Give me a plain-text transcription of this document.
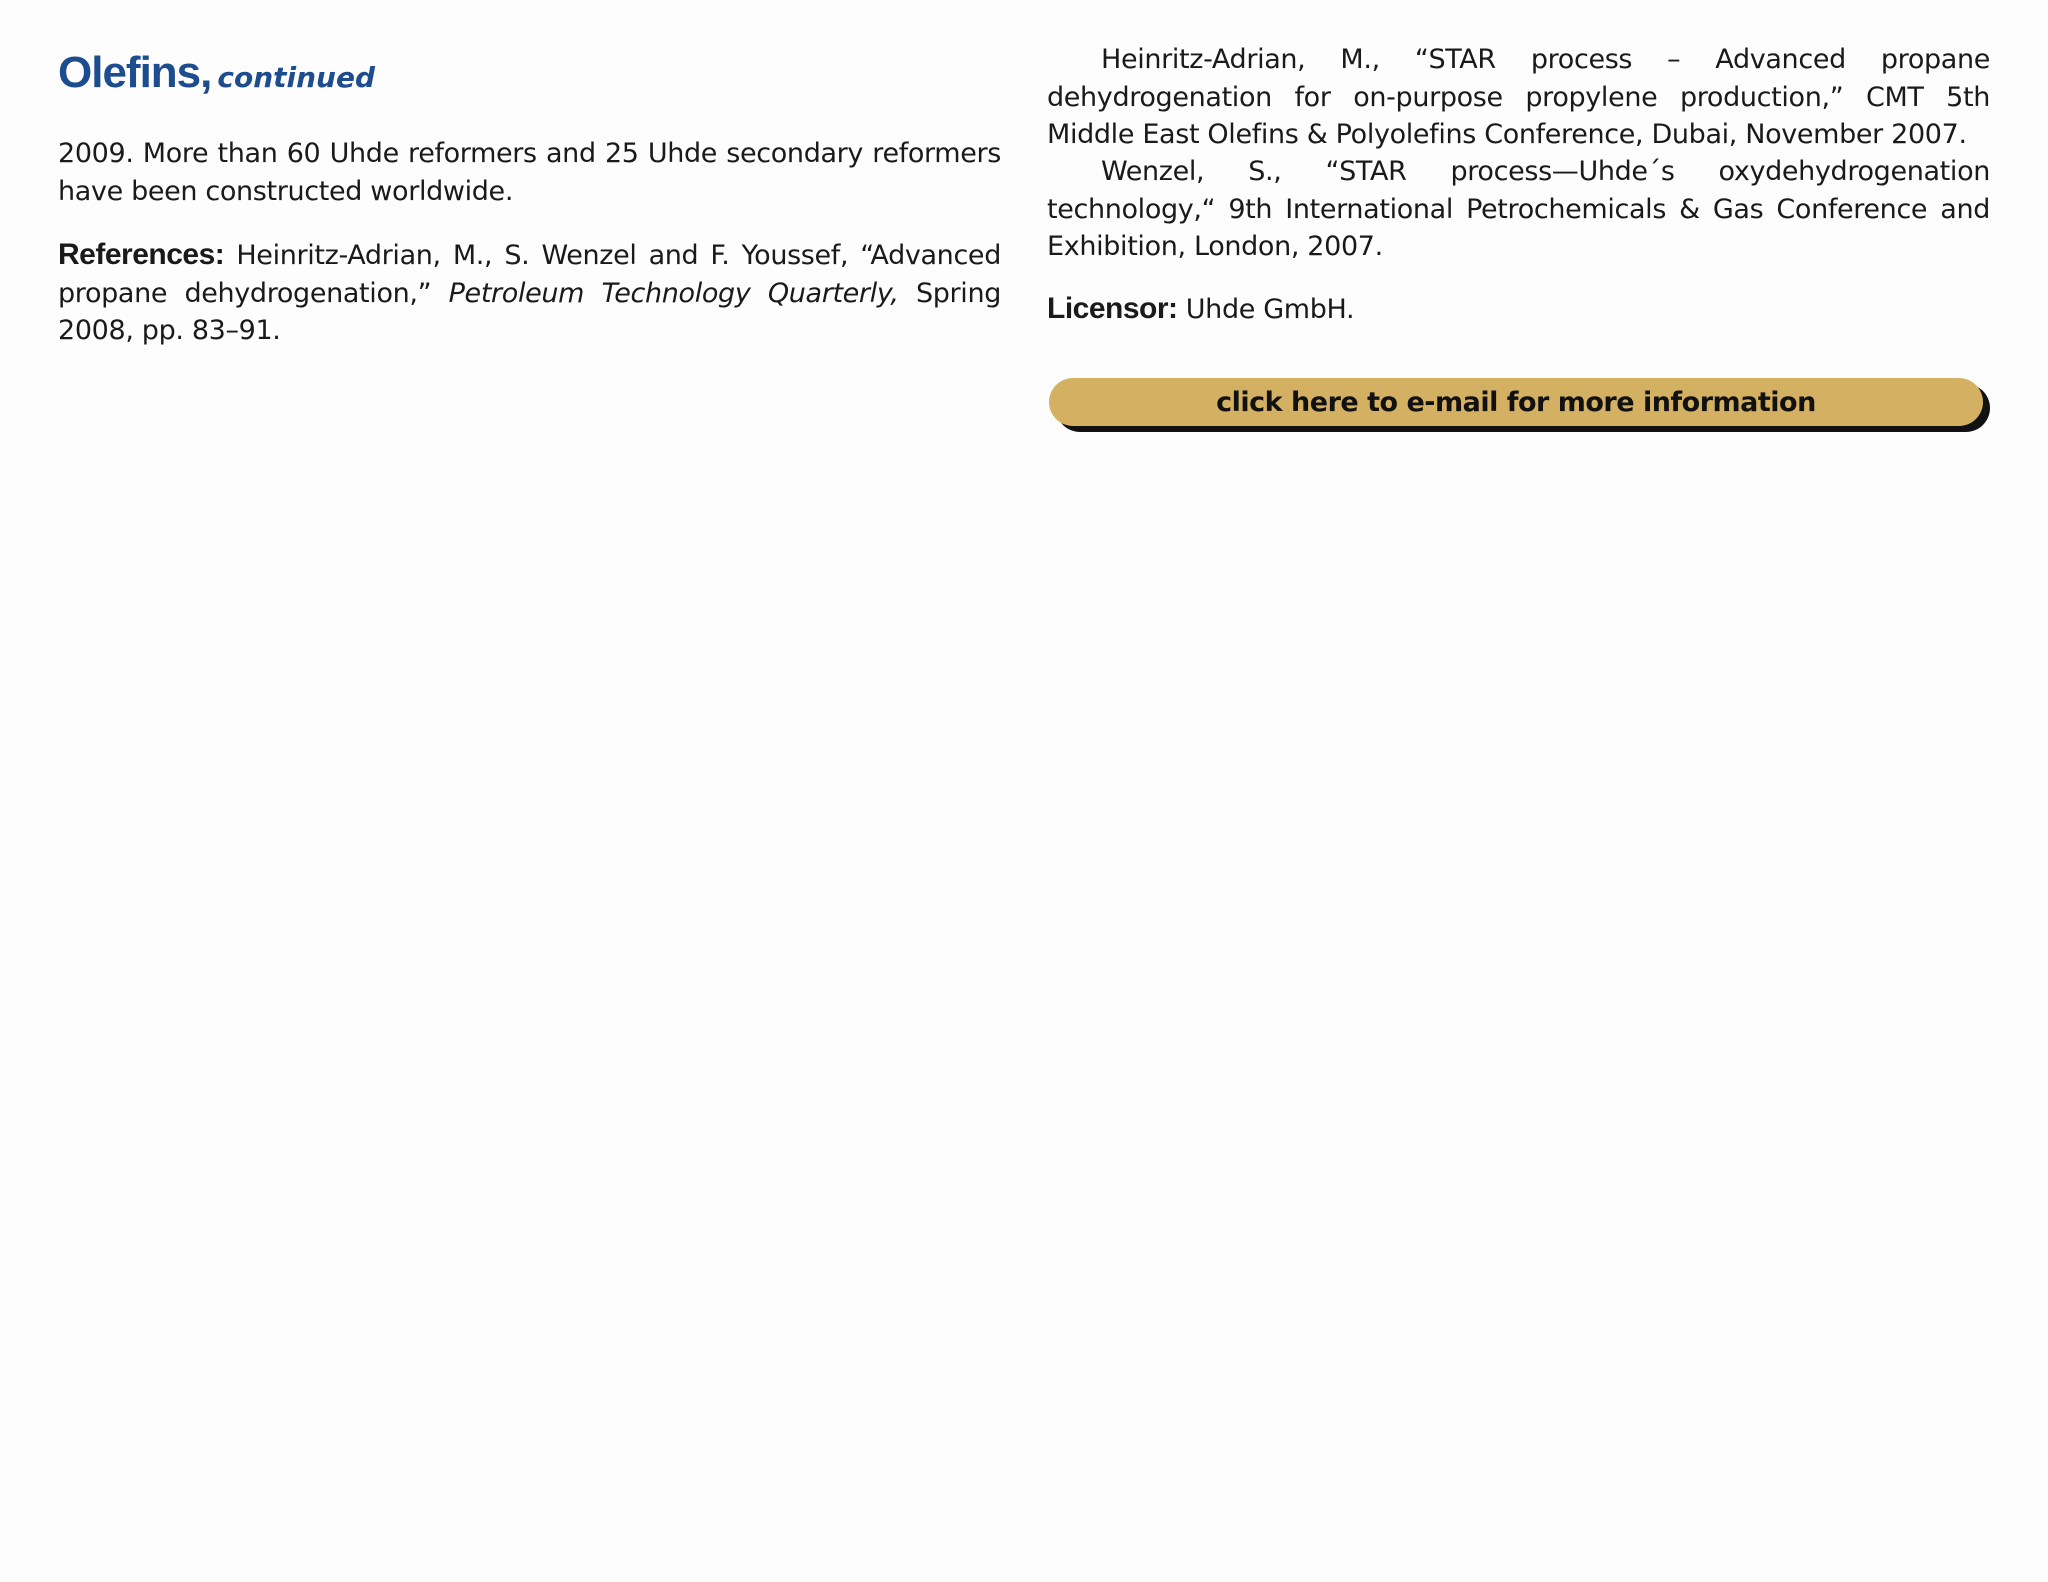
Olefins, continued

2009. More than 60 Uhde reformers and 25 Uhde secondary reformers have been constructed worldwide.

References: Heinritz-Adrian, M., S. Wenzel and F. Youssef, “Advanced propane dehydrogenation,” Petroleum Technology Quarterly, Spring 2008, pp. 83–91.

Heinritz-Adrian, M., “STAR process – Advanced propane dehydrogenation for on-purpose propylene production,” CMT 5th Middle East Olefins & Polyolefins Conference, Dubai, November 2007.

Wenzel, S., “STAR process—Uhde´s oxydehydrogenation technology,“ 9th International Petrochemicals & Gas Conference and Exhibition, London, 2007.

Licensor: Uhde GmbH.

click here to e-mail for more information
